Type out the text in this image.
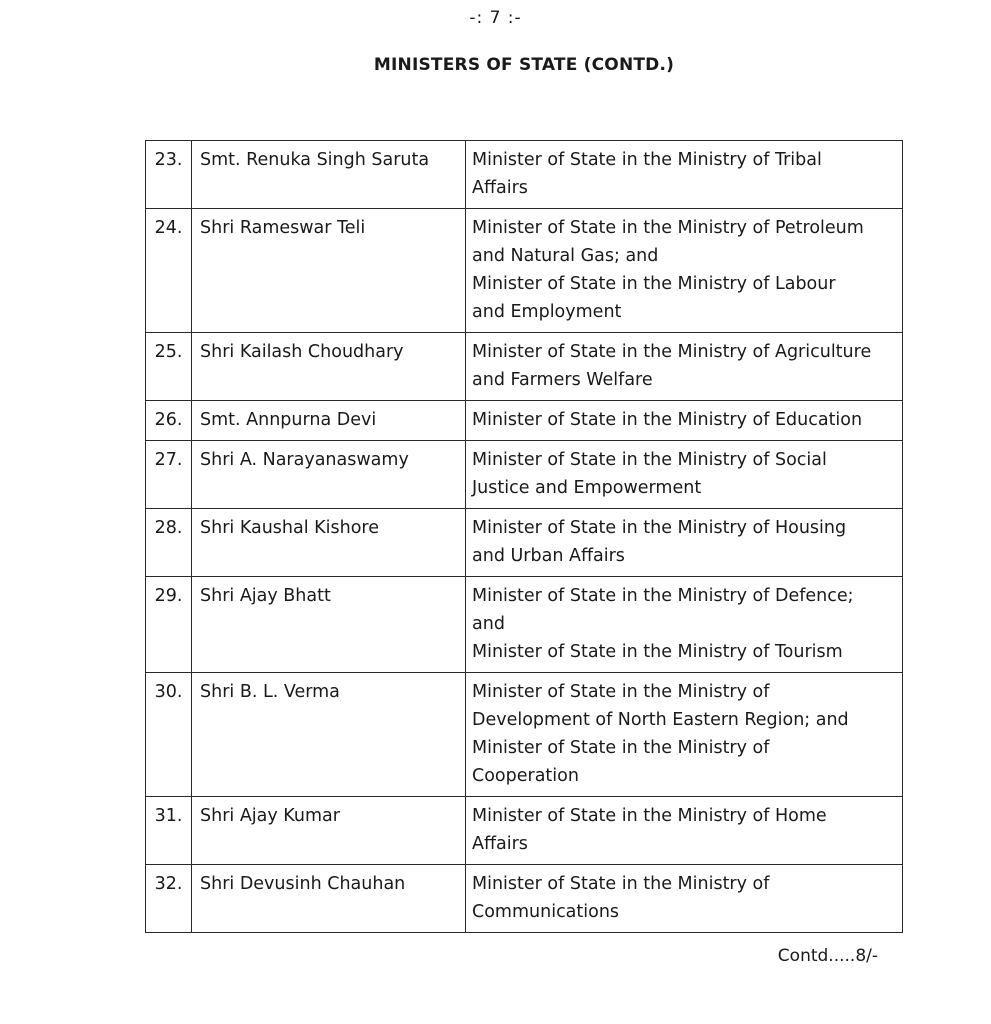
-: 7 :-
MINISTERS OF STATE (CONTD.)
23.	Smt. Renuka Singh Saruta	Minister of State in the Ministry of Tribal
Affairs

24.	Shri Rameswar Teli	Minister of State in the Ministry of Petroleum
and Natural Gas; and
Minister of State in the Ministry of Labour
and Employment

25.	Shri Kailash Choudhary	Minister of State in the Ministry of Agriculture
and Farmers Welfare

26.	Smt. Annpurna Devi	Minister of State in the Ministry of Education

27.	Shri A. Narayanaswamy	Minister of State in the Ministry of Social
Justice and Empowerment

28.	Shri Kaushal Kishore	Minister of State in the Ministry of Housing
and Urban Affairs

29.	Shri Ajay Bhatt	Minister of State in the Ministry of Defence;
and
Minister of State in the Ministry of Tourism

30.	Shri B. L. Verma	Minister of State in the Ministry of
Development of North Eastern Region; and
Minister of State in the Ministry of
Cooperation

31.	Shri Ajay Kumar	Minister of State in the Ministry of Home
Affairs

32.	Shri Devusinh Chauhan	Minister of State in the Ministry of
Communications
Contd.....8/-
